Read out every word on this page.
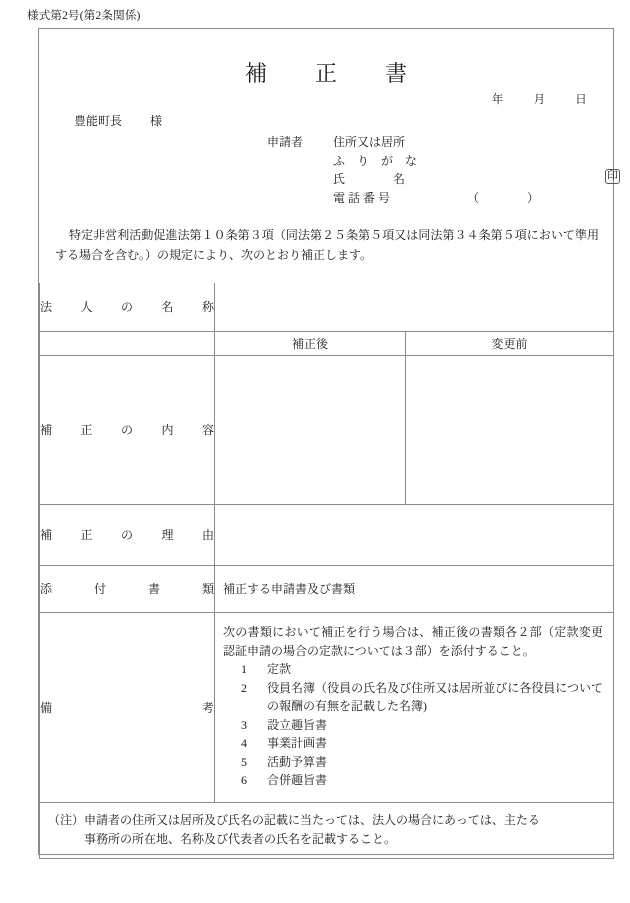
様式第2号(第2条関係)
補　正　書
年	月	日
豊能町長 様
申請者 住所又は居所
ふ　り　が　な
氏　　　　名	印
電 話 番 号	（　　　　）
特定非営利活動促進法第１０条第３項（同法第２５条第５項又は同法第３４条第５項において準用する場合を含む。）の規定により、次のとおり補正します。
法 人 の 名 称		

	補正後	変更前

補　正　の　内　容		

補　正　の　理　由		

添　付　書　類	補正する申請書及び書類	

備　　　　考

次の書類において補正を行う場合は、補正後の書類各２部（定款変更認証申請の場合の定款については３部）を添付すること。
1 定款
2 役員名簿（役員の氏名及び住所又は居所並びに各役員についての報酬の有無を記載した名簿)
3 設立趣旨書
4 事業計画書
5 活動予算書
6 合併趣旨書

（注）申請者の住所又は居所及び氏名の記載に当たっては、法人の場合にあっては、主たる
事務所の所在地、名称及び代表者の氏名を記載すること。		
